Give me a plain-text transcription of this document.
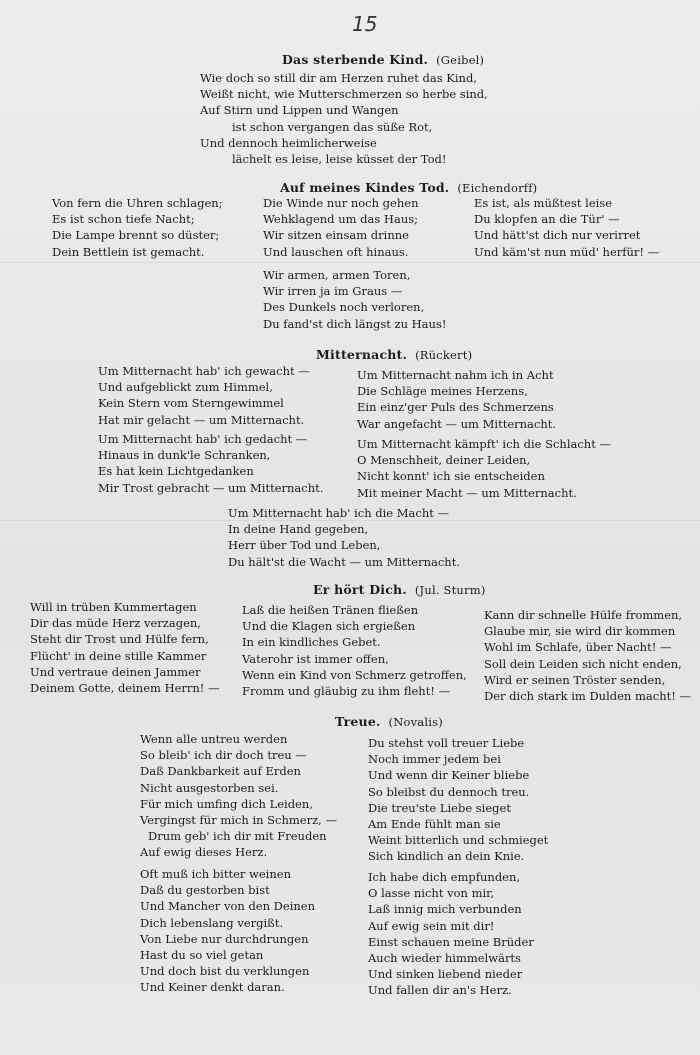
15
Das sterbende Kind. (Geibel)
Wie doch so still dir am Herzen ruhet das Kind,
Weißt nicht, wie Mutterschmerzen so herbe sind,
Auf Stirn und Lippen und Wangen
ist schon vergangen das süße Rot,
Und dennoch heimlicherweise
lächelt es leise, leise küsset der Tod!
Auf meines Kindes Tod. (Eichendorff)
Von fern die Uhren schlagen;
Es ist schon tiefe Nacht;
Die Lampe brennt so düster;
Dein Bettlein ist gemacht.
Die Winde nur noch gehen
Wehklagend um das Haus;
Wir sitzen einsam drinne
Und lauschen oft hinaus.
Es ist, als müßtest leise
Du klopfen an die Tür' —
Und hätt'st dich nur verirret
Und käm'st nun müd' herfür! —
Wir armen, armen Toren,
Wir irren ja im Graus —
Des Dunkels noch verloren,
Du fand'st dich längst zu Haus!
Mitternacht. (Rückert)
Um Mitternacht hab' ich gewacht —
Und aufgeblickt zum Himmel,
Kein Stern vom Sterngewimmel
Hat mir gelacht — um Mitternacht.
Um Mitternacht nahm ich in Acht
Die Schläge meines Herzens,
Ein einz'ger Puls des Schmerzens
War angefacht — um Mitternacht.
Um Mitternacht hab' ich gedacht —
Hinaus in dunk'le Schranken,
Es hat kein Lichtgedanken
Mir Trost gebracht — um Mitternacht.
Um Mitternacht kämpft' ich die Schlacht —
O Menschheit, deiner Leiden,
Nicht konnt' ich sie entscheiden
Mit meiner Macht — um Mitternacht.
Um Mitternacht hab' ich die Macht —
In deine Hand gegeben,
Herr über Tod und Leben,
Du hält'st die Wacht — um Mitternacht.
Er hört Dich. (Jul. Sturm)
Will in trüben Kummertagen
Dir das müde Herz verzagen,
Steht dir Trost und Hülfe fern,
Flücht' in deine stille Kammer
Und vertraue deinen Jammer
Deinem Gotte, deinem Herrn! —
Laß die heißen Tränen fließen
Und die Klagen sich ergießen
In ein kindliches Gebet.
Vaterohr ist immer offen,
Wenn ein Kind von Schmerz getroffen,
Fromm und gläubig zu ihm fleht! —
Kann dir schnelle Hülfe frommen,
Glaube mir, sie wird dir kommen
Wohl im Schlafe, über Nacht! —
Soll dein Leiden sich nicht enden,
Wird er seinen Tröster senden,
Der dich stark im Dulden macht! —
Treue. (Novalis)
Wenn alle untreu werden
So bleib' ich dir doch treu —
Daß Dankbarkeit auf Erden
Nicht ausgestorben sei.
Für mich umfing dich Leiden,
Vergingst für mich in Schmerz, —
Drum geb' ich dir mit Freuden
Auf ewig dieses Herz.
Du stehst voll treuer Liebe
Noch immer jedem bei
Und wenn dir Keiner bliebe
So bleibst du dennoch treu.
Die treu'ste Liebe sieget
Am Ende fühlt man sie
Weint bitterlich und schmieget
Sich kindlich an dein Knie.
Oft muß ich bitter weinen
Daß du gestorben bist
Und Mancher von den Deinen
Dich lebenslang vergißt.
Von Liebe nur durchdrungen
Hast du so viel getan
Und doch bist du verklungen
Und Keiner denkt daran.
Ich habe dich empfunden,
O lasse nicht von mir,
Laß innig mich verbunden
Auf ewig sein mit dir!
Einst schauen meine Brüder
Auch wieder himmelwärts
Und sinken liebend nieder
Und fallen dir an's Herz.
